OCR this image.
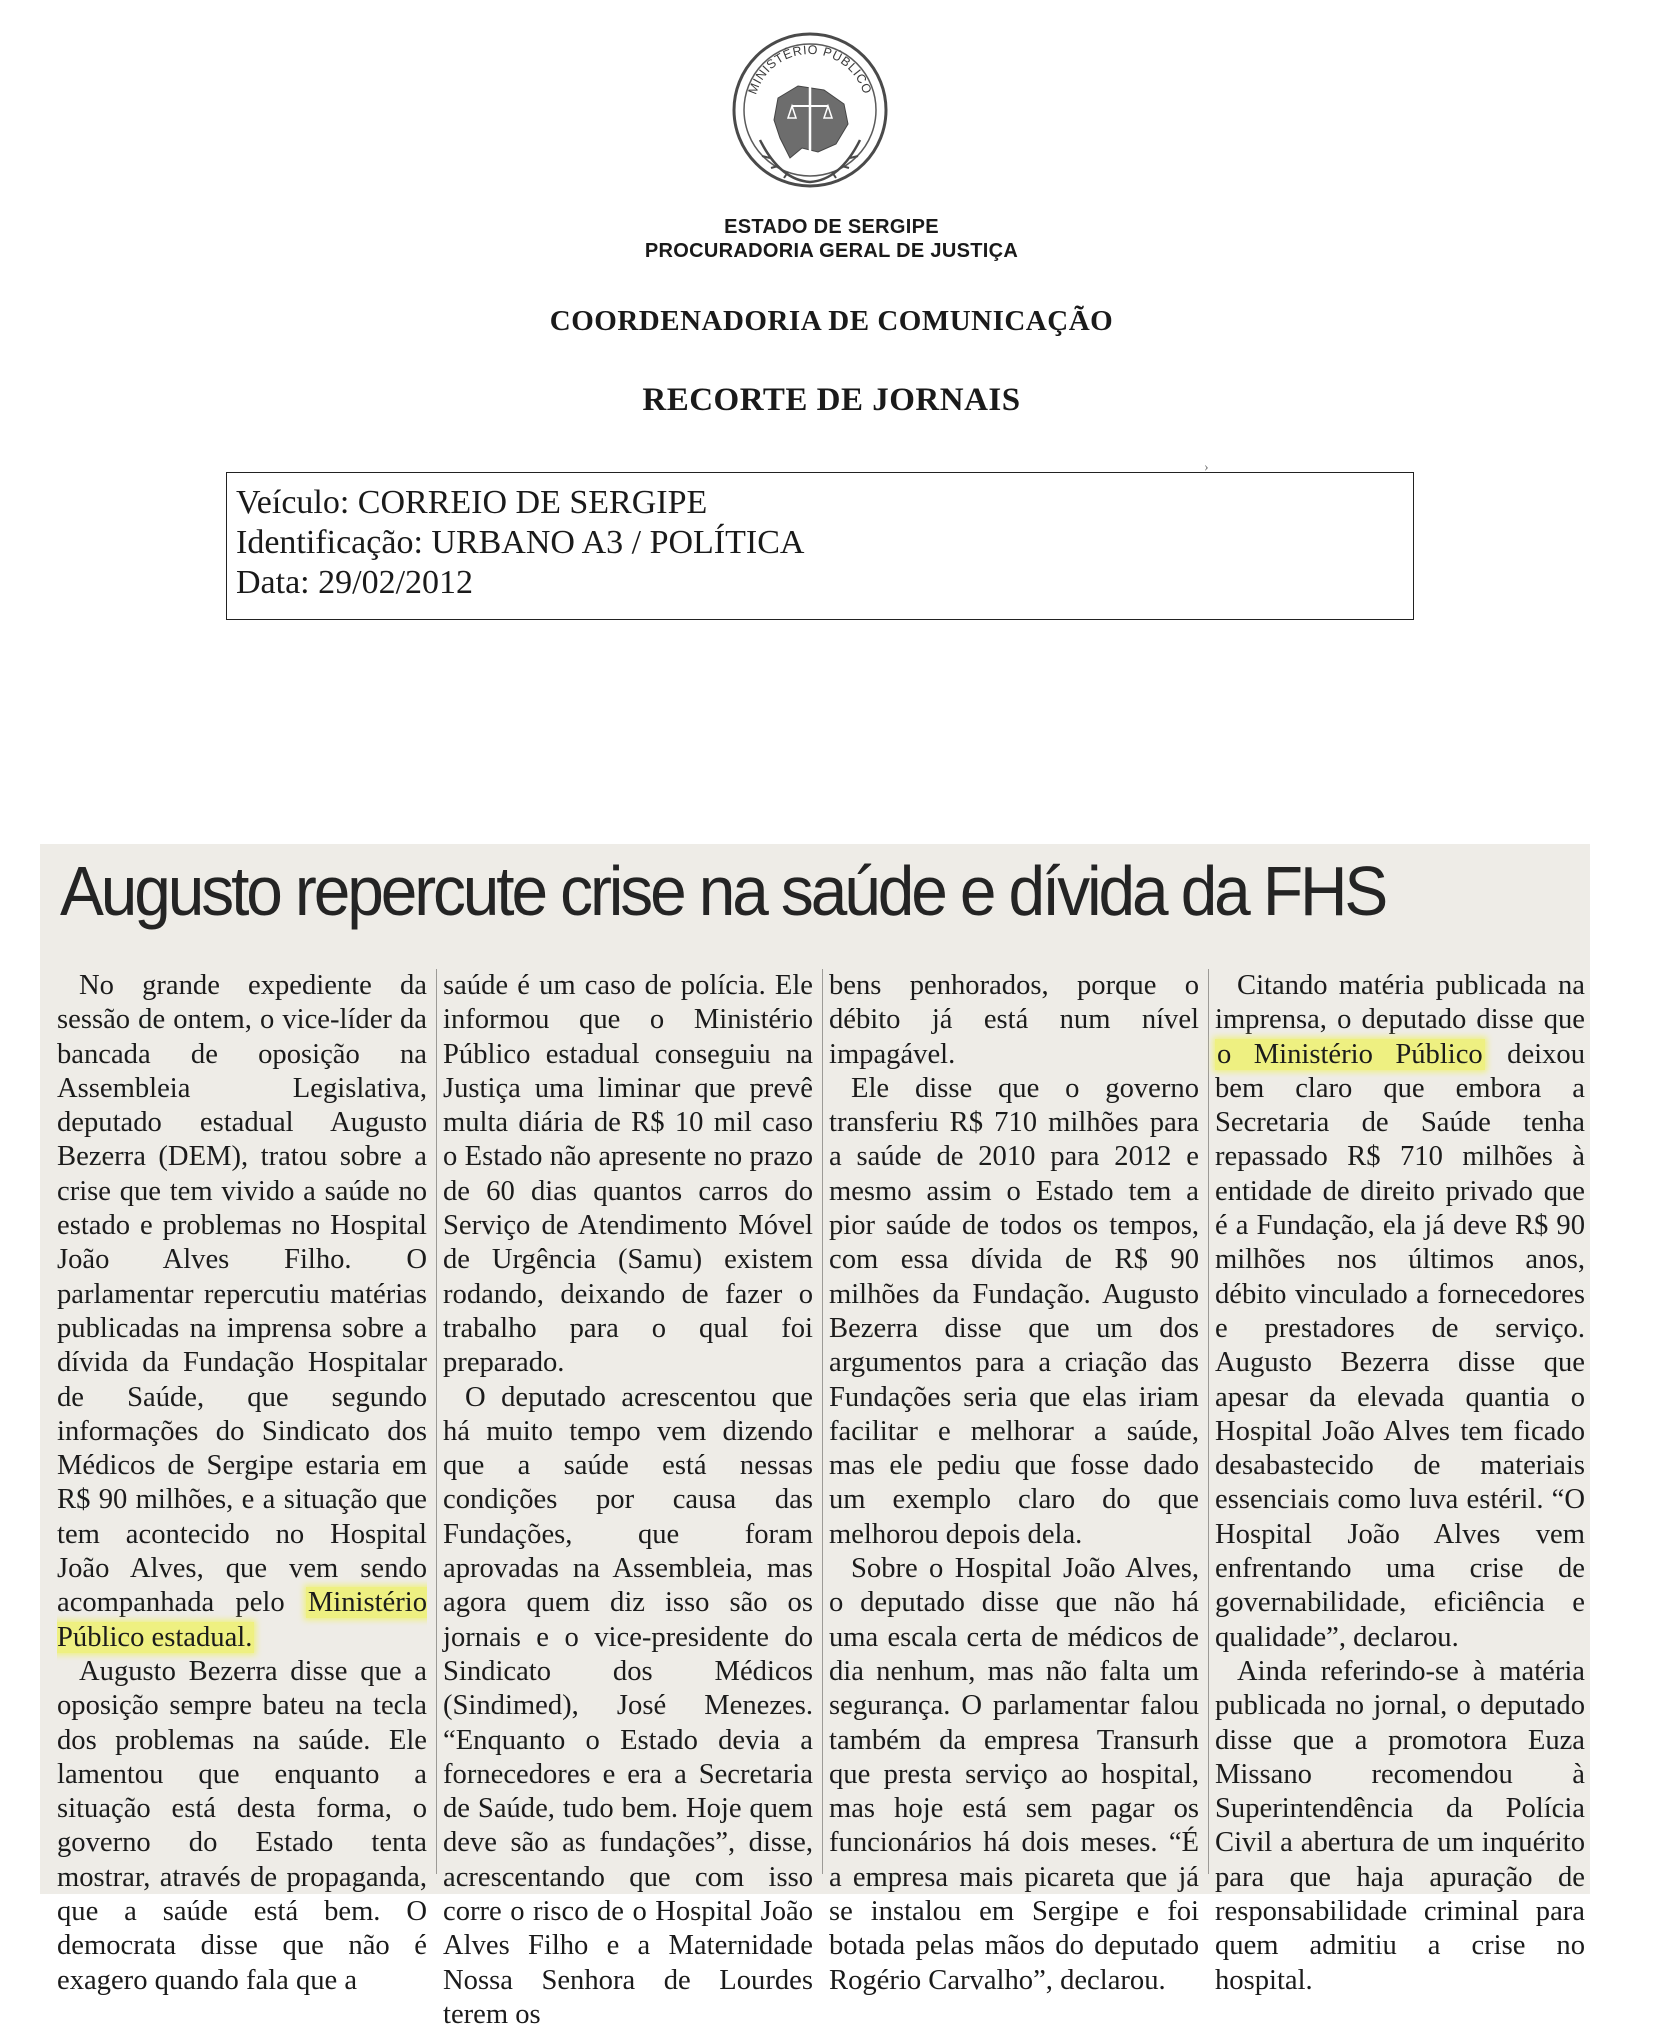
MINISTÉRIO PÚBLICO
ESTADO DE SERGIPE
PROCURADORIA GERAL DE JUSTIÇA
COORDENADORIA DE COMUNICAÇÃO
RECORTE DE JORNAIS
›
Veículo: CORREIO DE SERGIPE
Identificação: URBANO A3 / POLÍTICA
Data: 29/02/2012
Augusto repercute crise na saúde e dívida da FHS

No grande expediente da sessão de ontem, o vice-líder da bancada de oposição na Assembleia Legislativa, deputado estadual Augusto Bezerra (DEM), tratou sobre a crise que tem vivido a saúde no estado e problemas no Hospital João Alves Filho. O parlamentar repercutiu matérias publicadas na imprensa sobre a dívida da Fundação Hospitalar de Saúde, que segundo informações do Sindicato dos Médicos de Sergipe estaria em R$ 90 milhões, e a situação que tem acontecido no Hospital João Alves, que vem sendo acompanhada pelo Ministério Público estadual.

Augusto Bezerra disse que a oposição sempre bateu na tecla dos problemas na saúde. Ele lamentou que enquanto a situação está desta forma, o governo do Estado tenta mostrar, através de propaganda, que a saúde está bem. O democrata disse que não é exagero quando fala que a

saúde é um caso de polícia. Ele informou que o Ministério Público estadual conseguiu na Justiça uma liminar que prevê multa diária de R$ 10 mil caso o Estado não apresente no prazo de 60 dias quantos carros do Serviço de Atendimento Móvel de Urgência (Samu) existem rodando, deixando de fazer o trabalho para o qual foi preparado.

O deputado acrescentou que há muito tempo vem dizendo que a saúde está nessas condições por causa das Fundações, que foram aprovadas na Assembleia, mas agora quem diz isso são os jornais e o vice-presidente do Sindicato dos Médicos (Sindimed), José Menezes. “Enquanto o Estado devia a fornecedores e era a Secretaria de Saúde, tudo bem. Hoje quem deve são as fundações”, disse, acrescentando que com isso corre o risco de o Hospital João Alves Filho e a Maternidade Nossa Senhora de Lourdes terem os

bens penhorados, porque o débito já está num nível impagável.

Ele disse que o governo transferiu R$ 710 milhões para a saúde de 2010 para 2012 e mesmo assim o Estado tem a pior saúde de todos os tempos, com essa dívida de R$ 90 milhões da Fundação. Augusto Bezerra disse que um dos argumentos para a criação das Fundações seria que elas iriam facilitar e melhorar a saúde, mas ele pediu que fosse dado um exemplo claro do que melhorou depois dela.

Sobre o Hospital João Alves, o deputado disse que não há uma escala certa de médicos de dia nenhum, mas não falta um segurança. O parlamentar falou também da empresa Transurh que presta serviço ao hospital, mas hoje está sem pagar os funcionários há dois meses. “É a empresa mais picareta que já se instalou em Sergipe e foi botada pelas mãos do deputado Rogério Carvalho”, declarou.

Citando matéria publicada na imprensa, o deputado disse que o Ministério Público deixou bem claro que embora a Secretaria de Saúde tenha repassado R$ 710 milhões à entidade de direito privado que é a Fundação, ela já deve R$ 90 milhões nos últimos anos, débito vinculado a fornecedores e prestadores de serviço. Augusto Bezerra disse que apesar da elevada quantia o Hospital João Alves tem ficado desabastecido de materiais essenciais como luva estéril. “O Hospital João Alves vem enfrentando uma crise de governabilidade, eficiência e qualidade”, declarou.

Ainda referindo-se à matéria publicada no jornal, o deputado disse que a promotora Euza Missano recomendou à Superintendência da Polícia Civil a abertura de um inquérito para que haja apuração de responsabilidade criminal para quem admitiu a crise no hospital.
